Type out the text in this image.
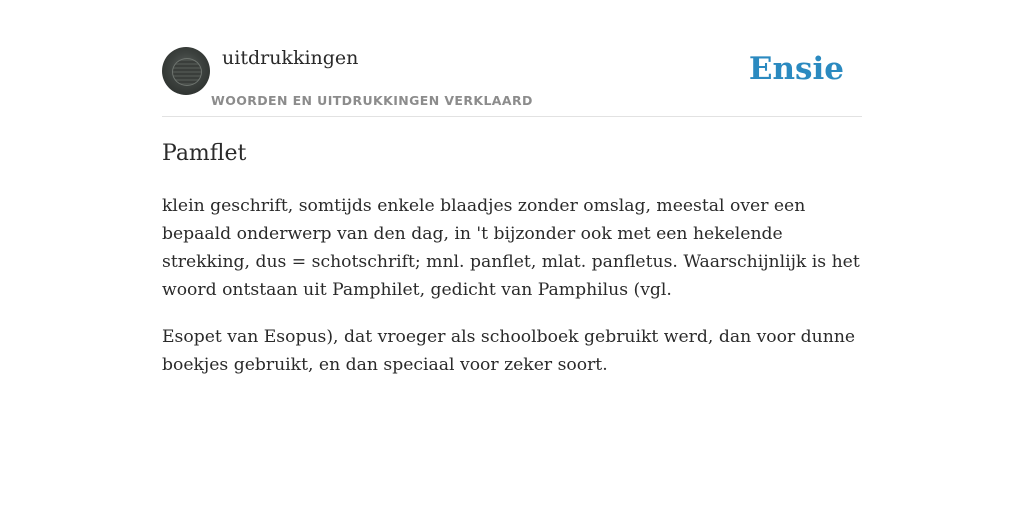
uitdrukkingen
WOORDEN EN UITDRUKKINGEN VERKLAARD
Ensie
Pamflet

klein geschrift, somtijds enkele blaadjes zonder omslag, meestal over een bepaald onderwerp van den dag, in 't bijzonder ook met een hekelende strekking, dus = schotschrift; mnl. panflet, mlat. panfletus. Waarschijnlijk is het woord ontstaan uit Pamphilet, gedicht van Pamphilus (vgl.

Esopet van Esopus), dat vroeger als schoolboek gebruikt werd, dan voor dunne boekjes gebruikt, en dan speciaal voor zeker soort.
